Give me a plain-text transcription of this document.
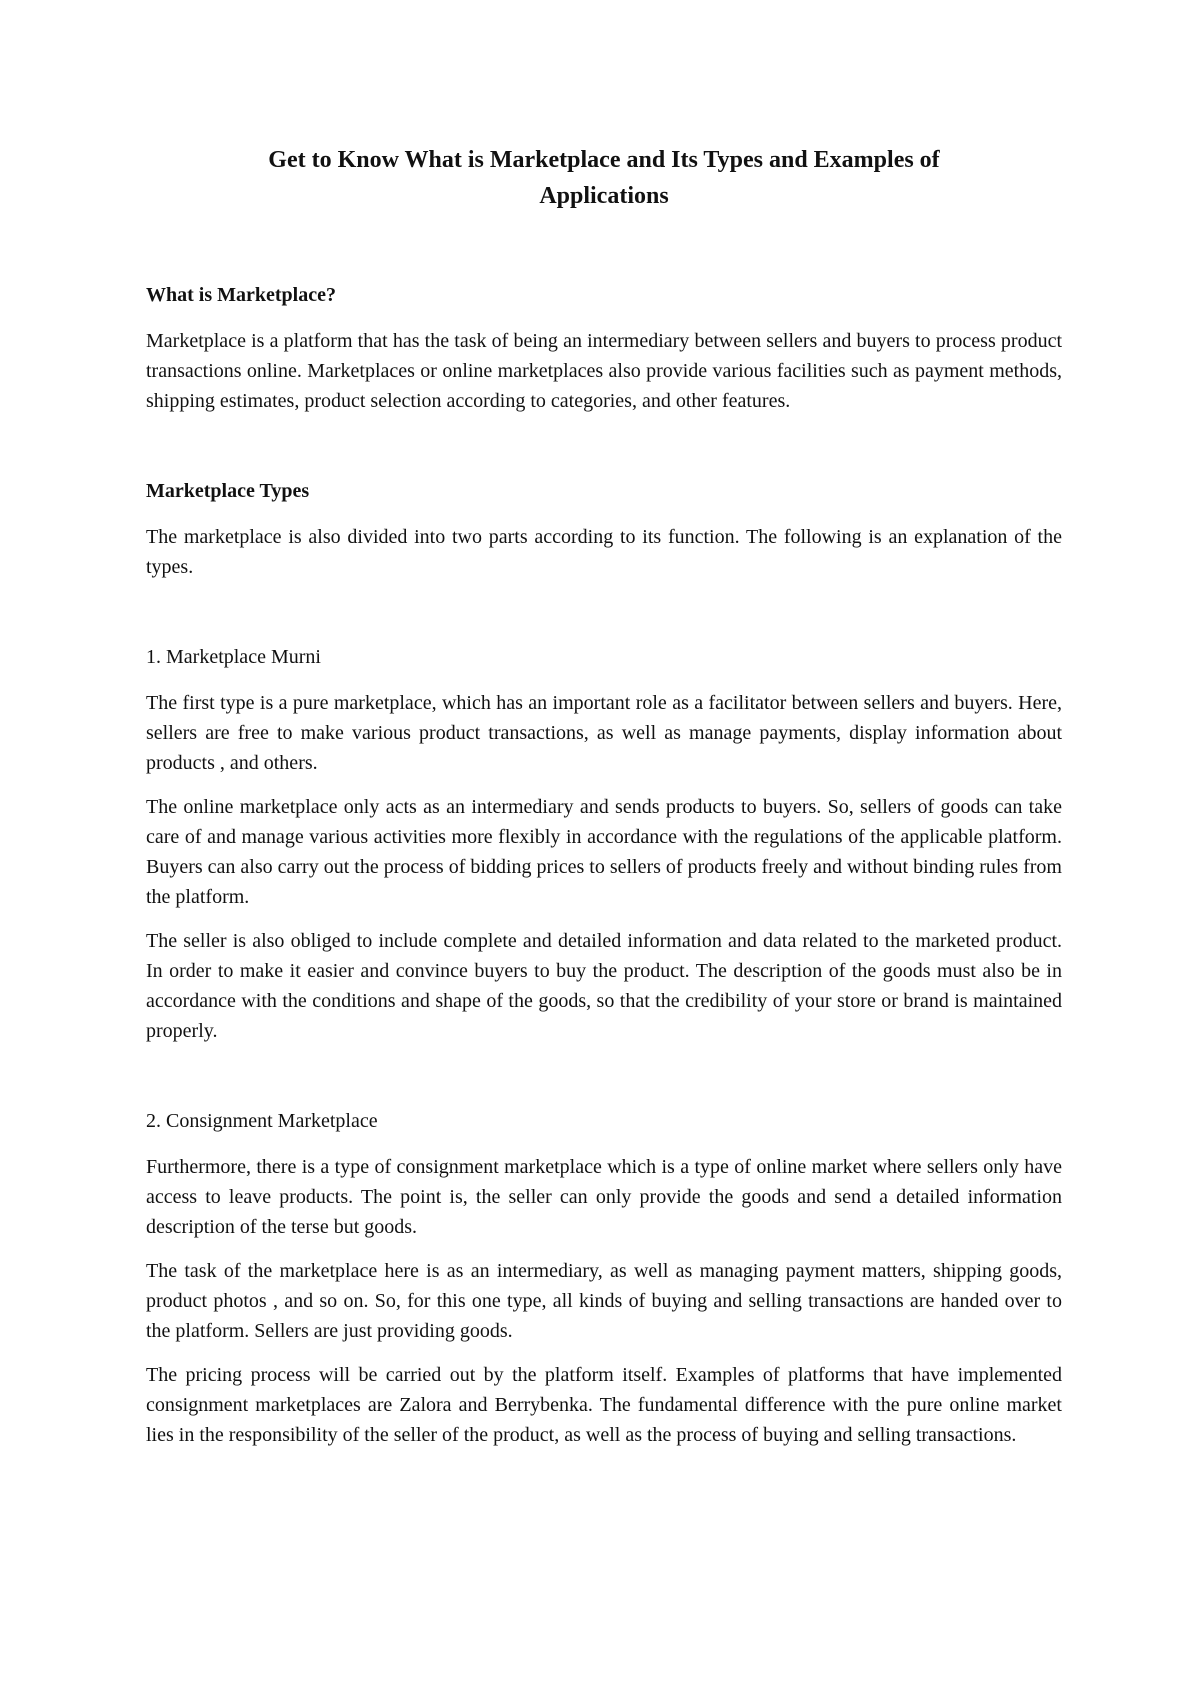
Get to Know What is Marketplace and Its Types and Examples of
Applications
What is Marketplace?

Marketplace is a platform that has the task of being an intermediary between sellers and buyers to process product transactions online. Marketplaces or online marketplaces also provide various facilities such as payment methods, shipping estimates, product selection according to categories, and other features.

Marketplace Types

The marketplace is also divided into two parts according to its function. The following is an explanation of the types.

1. Marketplace Murni

The first type is a pure marketplace, which has an important role as a facilitator between sellers and buyers. Here, sellers are free to make various product transactions, as well as manage payments, display information about products , and others.

The online marketplace only acts as an intermediary and sends products to buyers. So, sellers of goods can take care of and manage various activities more flexibly in accordance with the regulations of the applicable platform. Buyers can also carry out the process of bidding prices to sellers of products freely and without binding rules from the platform.

The seller is also obliged to include complete and detailed information and data related to the marketed product. In order to make it easier and convince buyers to buy the product. The description of the goods must also be in accordance with the conditions and shape of the goods, so that the credibility of your store or brand is maintained properly.

2. Consignment Marketplace

Furthermore, there is a type of consignment marketplace which is a type of online market where sellers only have access to leave products. The point is, the seller can only provide the goods and send a detailed information description of the terse but goods.

The task of the marketplace here is as an intermediary, as well as managing payment matters, shipping goods, product photos , and so on. So, for this one type, all kinds of buying and selling transactions are handed over to the platform. Sellers are just providing goods.

The pricing process will be carried out by the platform itself. Examples of platforms that have implemented consignment marketplaces are Zalora and Berrybenka. The fundamental difference with the pure online market lies in the responsibility of the seller of the product, as well as the process of buying and selling transactions.
